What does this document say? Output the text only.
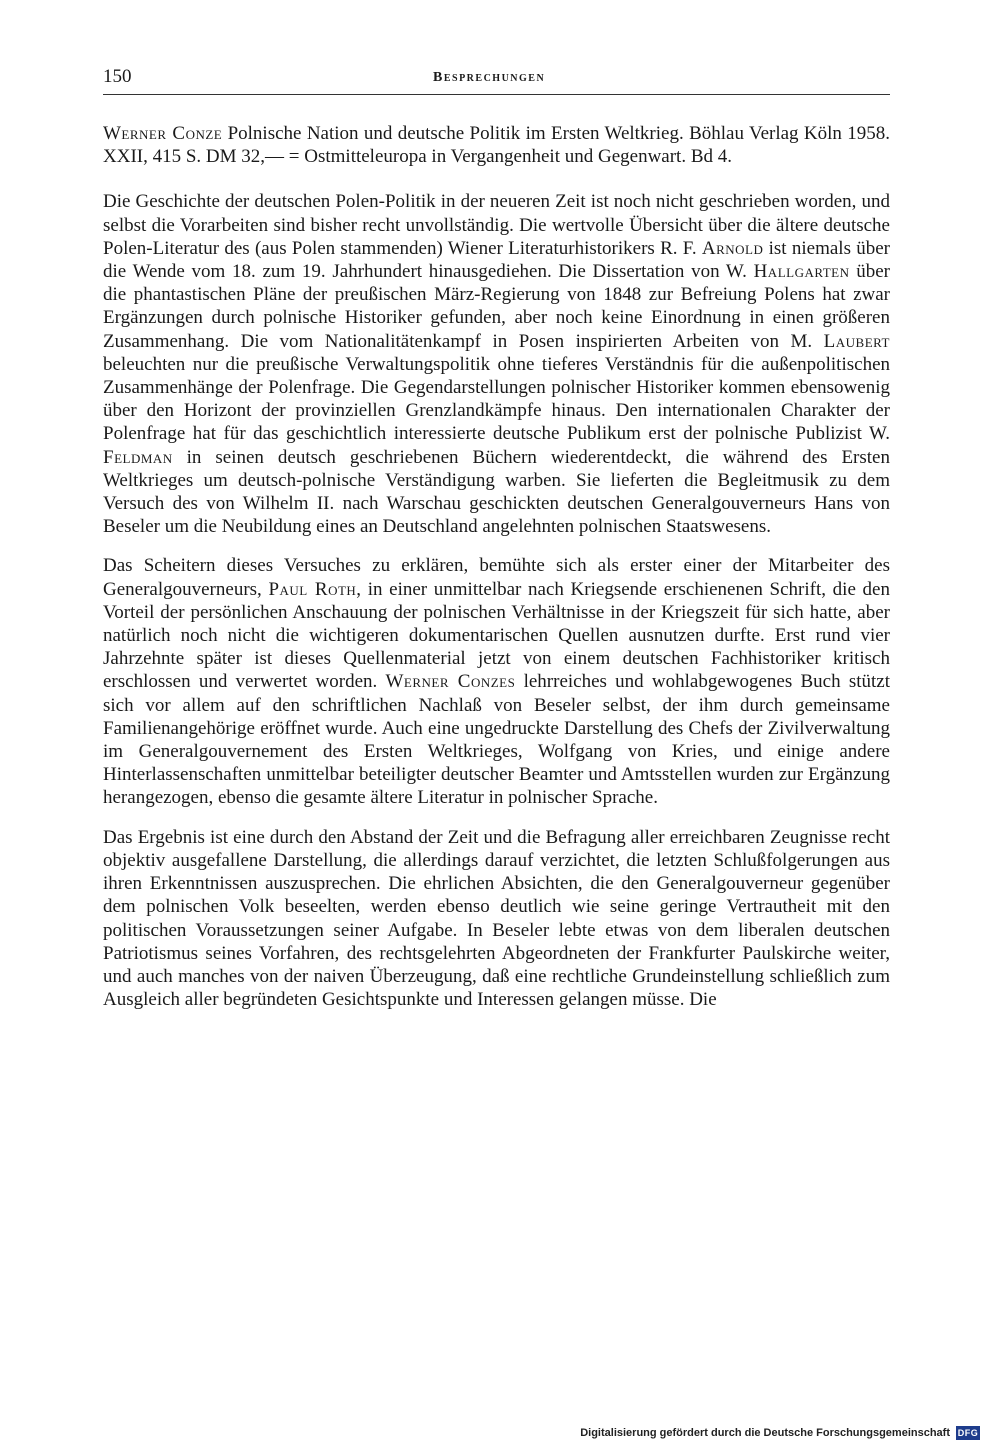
150	Besprechungen

Werner Conze Polnische Nation und deutsche Politik im Ersten Weltkrieg. Böhlau Verlag Köln 1958. XXII, 415 S. DM 32,— = Ostmitteleuropa in Vergangenheit und Gegenwart. Bd 4.

Die Geschichte der deutschen Polen-Politik in der neueren Zeit ist noch nicht geschrieben worden, und selbst die Vorarbeiten sind bisher recht unvollständig. Die wertvolle Übersicht über die ältere deutsche Polen-Literatur des (aus Polen stammenden) Wiener Literaturhistorikers R. F. Arnold ist niemals über die Wende vom 18. zum 19. Jahrhundert hinausgediehen. Die Dissertation von W. Hallgarten über die phantastischen Pläne der preußischen März-Regierung von 1848 zur Befreiung Polens hat zwar Ergänzungen durch polnische Historiker gefunden, aber noch keine Einordnung in einen größeren Zusammenhang. Die vom Nationalitätenkampf in Posen inspirierten Arbeiten von M. Laubert beleuchten nur die preußische Verwaltungspolitik ohne tieferes Verständnis für die außenpolitischen Zusammenhänge der Polenfrage. Die Gegendarstellungen polnischer Historiker kommen ebensowenig über den Horizont der provinziellen Grenzlandkämpfe hinaus. Den internationalen Charakter der Polenfrage hat für das geschichtlich interessierte deutsche Publikum erst der polnische Publizist W. Feldman in seinen deutsch geschriebenen Büchern wiederentdeckt, die während des Ersten Weltkrieges um deutsch-polnische Verständigung warben. Sie lieferten die Begleitmusik zu dem Versuch des von Wilhelm II. nach Warschau geschickten deutschen Generalgouverneurs Hans von Beseler um die Neubildung eines an Deutschland angelehnten polnischen Staatswesens.

Das Scheitern dieses Versuches zu erklären, bemühte sich als erster einer der Mitarbeiter des Generalgouverneurs, Paul Roth, in einer unmittelbar nach Kriegsende erschienenen Schrift, die den Vorteil der persönlichen Anschauung der polnischen Verhältnisse in der Kriegszeit für sich hatte, aber natürlich noch nicht die wichtigeren dokumentarischen Quellen ausnutzen durfte. Erst rund vier Jahrzehnte später ist dieses Quellenmaterial jetzt von einem deutschen Fachhistoriker kritisch erschlossen und verwertet worden. Werner Conzes lehrreiches und wohlabgewogenes Buch stützt sich vor allem auf den schriftlichen Nachlaß von Beseler selbst, der ihm durch gemeinsame Familienangehörige eröffnet wurde. Auch eine ungedruckte Darstellung des Chefs der Zivilverwaltung im Generalgouvernement des Ersten Weltkrieges, Wolfgang von Kries, und einige andere Hinterlassenschaften unmittelbar beteiligter deutscher Beamter und Amtsstellen wurden zur Ergänzung herangezogen, ebenso die gesamte ältere Literatur in polnischer Sprache.

Das Ergebnis ist eine durch den Abstand der Zeit und die Befragung aller erreichbaren Zeugnisse recht objektiv ausgefallene Darstellung, die allerdings darauf verzichtet, die letzten Schlußfolgerungen aus ihren Erkenntnissen auszusprechen. Die ehrlichen Absichten, die den Generalgouverneur gegenüber dem polnischen Volk beseelten, werden ebenso deutlich wie seine geringe Vertrautheit mit den politischen Voraussetzungen seiner Aufgabe. In Beseler lebte etwas von dem liberalen deutschen Patriotismus seines Vorfahren, des rechtsgelehrten Abgeordneten der Frankfurter Paulskirche weiter, und auch manches von der naiven Überzeugung, daß eine rechtliche Grundeinstellung schließlich zum Ausgleich aller begründeten Gesichtspunkte und Interessen gelangen müsse. Die

Digitalisierung gefördert durch die Deutsche Forschungsgemeinschaft DFG
